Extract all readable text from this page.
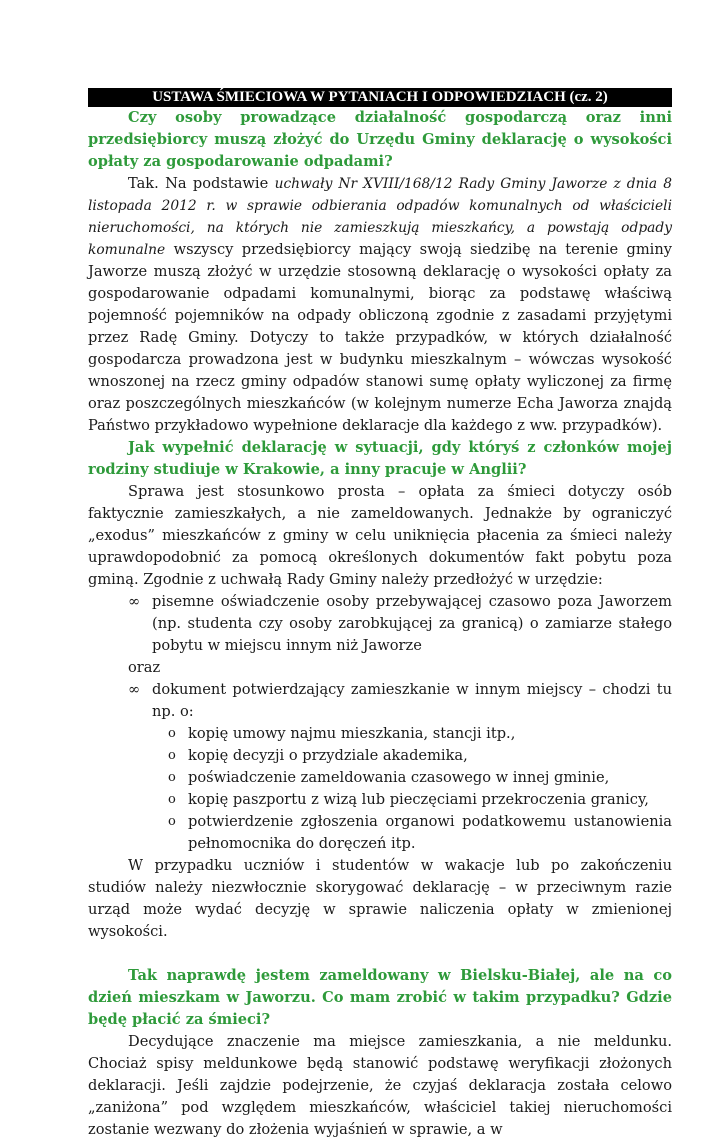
USTAWA ŚMIECIOWA W PYTANIACH I ODPOWIEDZIACH (cz. 2)

Czy osoby prowadzące działalność gospodarczą oraz inni przedsiębiorcy muszą złożyć do Urzędu Gminy deklarację o wysokości opłaty za gospodarowanie odpadami?

Tak. Na podstawie uchwały Nr XVIII/168/12 Rady Gminy Jaworze z dnia 8 listopada 2012 r. w sprawie odbierania odpadów komunalnych od właścicieli nieruchomości, na których nie zamieszkują mieszkańcy, a powstają odpady komunalne wszyscy przedsiębiorcy mający swoją siedzibę na terenie gminy Jaworze muszą złożyć w urzędzie stosowną deklarację o wysokości opłaty za gospodarowanie odpadami komunalnymi, biorąc za podstawę właściwą pojemność pojemników na odpady obliczoną zgodnie z zasadami przyjętymi przez Radę Gminy. Dotyczy to także przypadków, w których działalność gospodarcza prowadzona jest w budynku mieszkalnym – wówczas wysokość wnoszonej na rzecz gminy odpadów stanowi sumę opłaty wyliczonej za firmę oraz poszczególnych mieszkańców (w kolejnym numerze Echa Jaworza znajdą Państwo przykładowo wypełnione deklaracje dla każdego z ww. przypadków).

Jak wypełnić deklarację w sytuacji, gdy któryś z członków mojej rodziny studiuje w Krakowie, a inny pracuje w Anglii?

Sprawa jest stosunkowo prosta – opłata za śmieci dotyczy osób faktycznie zamieszkałych, a nie zameldowanych. Jednakże by ograniczyć „exodus” mieszkańców z gminy w celu uniknięcia płacenia za śmieci należy uprawdopodobnić za pomocą określonych dokumentów fakt pobytu poza gminą. Zgodnie z uchwałą Rady Gminy należy przedłożyć w urzędzie:

∞ pisemne oświadczenie osoby przebywającej czasowo poza Jaworzem (np. studenta czy osoby zarobkującej za granicą) o zamiarze stałego pobytu w miejscu innym niż Jaworze
oraz
∞ dokument potwierdzający zamieszkanie w innym miejscy – chodzi tu np. o:
o kopię umowy najmu mieszkania, stancji itp.,
o kopię decyzji o przydziale akademika,
o poświadczenie zameldowania czasowego w innej gminie,
o kopię paszportu z wizą lub pieczęciami przekroczenia granicy,
o potwierdzenie zgłoszenia organowi podatkowemu ustanowienia pełnomocnika do doręczeń itp.

W przypadku uczniów i studentów w wakacje lub po zakończeniu studiów należy niezwłocznie skorygować deklarację – w przeciwnym razie urząd może wydać decyzję w sprawie naliczenia opłaty w zmienionej wysokości.

Tak naprawdę jestem zameldowany w Bielsku-Białej, ale na co dzień mieszkam w Jaworzu. Co mam zrobić w takim przypadku? Gdzie będę płacić za śmieci?

Decydujące znaczenie ma miejsce zamieszkania, a nie meldunku. Chociaż spisy meldunkowe będą stanowić podstawę weryfikacji złożonych deklaracji. Jeśli zajdzie podejrzenie, że czyjaś deklaracja została celowo „zaniżona” pod względem mieszkańców, właściciel takiej nieruchomości zostanie wezwany do złożenia wyjaśnień w sprawie, a w
